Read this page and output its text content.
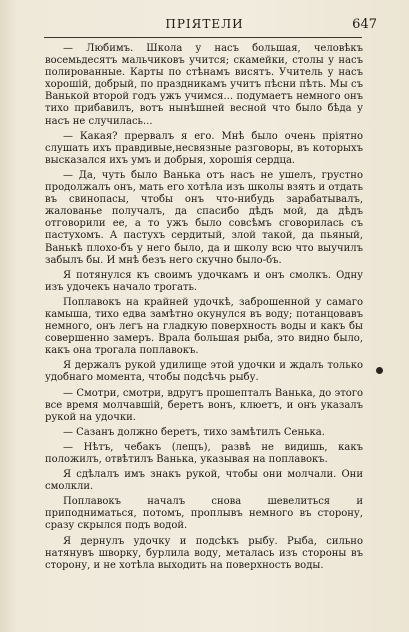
ПРІЯТЕЛИ	647

— Любимъ. Школа у насъ большая, человѣкъ восемьдесятъ мальчиковъ учится; скамейки, столы у насъ полированные. Карты по стѣнамъ висятъ. Учитель у насъ хорошій, добрый, по праздникамъ учитъ пѣсни пѣть. Мы съ Ванькой второй годъ ужъ учимся... подумаетъ немного онъ тихо прибавилъ, вотъ нынѣшней весной что было бѣда у насъ не случилась...

— Какая? прервалъ я его. Мнѣ было очень пріятно слушать ихъ правдивые,несвязные разговоры, въ которыхъ высказался ихъ умъ и добрыя, хорошія сердца.

— Да, чуть было Ванька отъ насъ не ушелъ, грустно продолжалъ онъ, мать его хотѣла изъ школы взять и отдать въ свинопасы, чтобы онъ что-нибудь зарабатывалъ, жалованье получалъ, да спасибо дѣдъ мой, да дѣдъ отговорили ее, а то ужъ было совсѣмъ сговорилась съ пастухомъ. А пастухъ сердитый, злой такой, да пьяный, Ванькѣ плохо-бъ у него было, да и школу всю что выучилъ забылъ бы. И мнѣ безъ него скучно было-бъ.

Я потянулся къ своимъ удочкамъ и онъ смолкъ. Одну изъ удочекъ начало трогать.

Поплавокъ на крайней удочкѣ, заброшенной у самаго камыша, тихо едва замѣтно окунулся въ воду; потанцовавъ немного, онъ легъ на гладкую поверхность воды и какъ бы совершенно замеръ. Врала большая рыба, это видно было, какъ она трогала поплавокъ.

Я держалъ рукой удилище этой удочки и ждалъ только удобнаго момента, чтобы подсѣчь рыбу.

— Смотри, смотри, вдругъ прошепталъ Ванька, до этого все время молчавшій, беретъ вонъ, клюетъ, и онъ указалъ рукой на удочки.

— Сазанъ должно беретъ, тихо замѣтилъ Сенька.

— Нѣтъ, чебакъ (лещъ), развѣ не видишь, какъ положилъ, отвѣтилъ Ванька, указывая на поплавокъ.

Я сдѣлалъ имъ знакъ рукой, чтобы они молчали. Они смолкли.

Поплавокъ началъ снова шевелиться и приподниматься, потомъ, проплывъ немного въ сторону, сразу скрылся подъ водой.

Я дернулъ удочку и подсѣкъ рыбу. Рыба, сильно натянувъ шворку, бурлила воду, металась изъ стороны въ сторону, и не хотѣла выходить на поверхность воды.
